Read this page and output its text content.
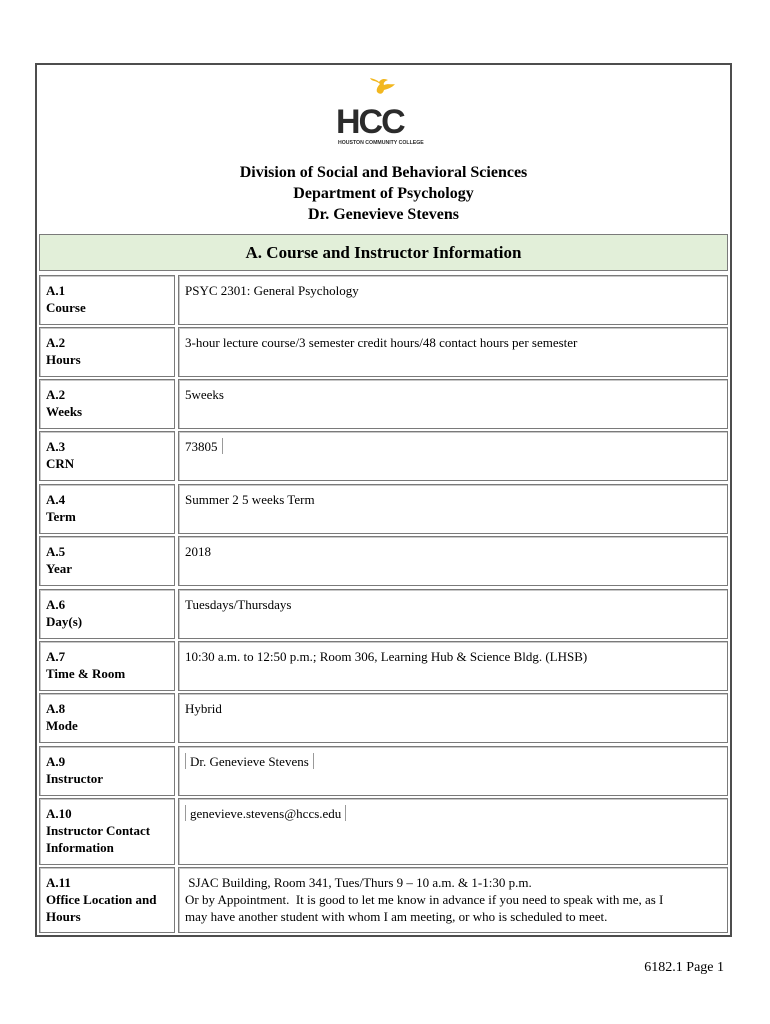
HCC
HOUSTON COMMUNITY COLLEGE
Division of Social and Behavioral Sciences
Department of Psychology
Dr. Genevieve Stevens
A. Course and Instructor Information
A.1
Course
PSYC 2301: General Psychology
A.2
Hours
3-hour lecture course/3 semester credit hours/48 contact hours per semester
A.2
Weeks
5weeks
A.3
CRN
73805
A.4
Term
Summer 2 5 weeks Term
A.5
Year
2018
A.6
Day(s)
Tuesdays/Thursdays
A.7
Time & Room
10:30 a.m. to 12:50 p.m.; Room 306, Learning Hub & Science Bldg. (LHSB)
A.8
Mode
Hybrid
A.9
Instructor
Dr. Genevieve Stevens
A.10
Instructor Contact
Information
genevieve.stevens@hccs.edu
A.11
Office Location and
Hours
SJAC Building, Room 341, Tues/Thurs 9 – 10 a.m. & 1-1:30 p.m.
Or by Appointment.  It is good to let me know in advance if you need to speak with me, as I
may have another student with whom I am meeting, or who is scheduled to meet.
6182.1 Page 1
